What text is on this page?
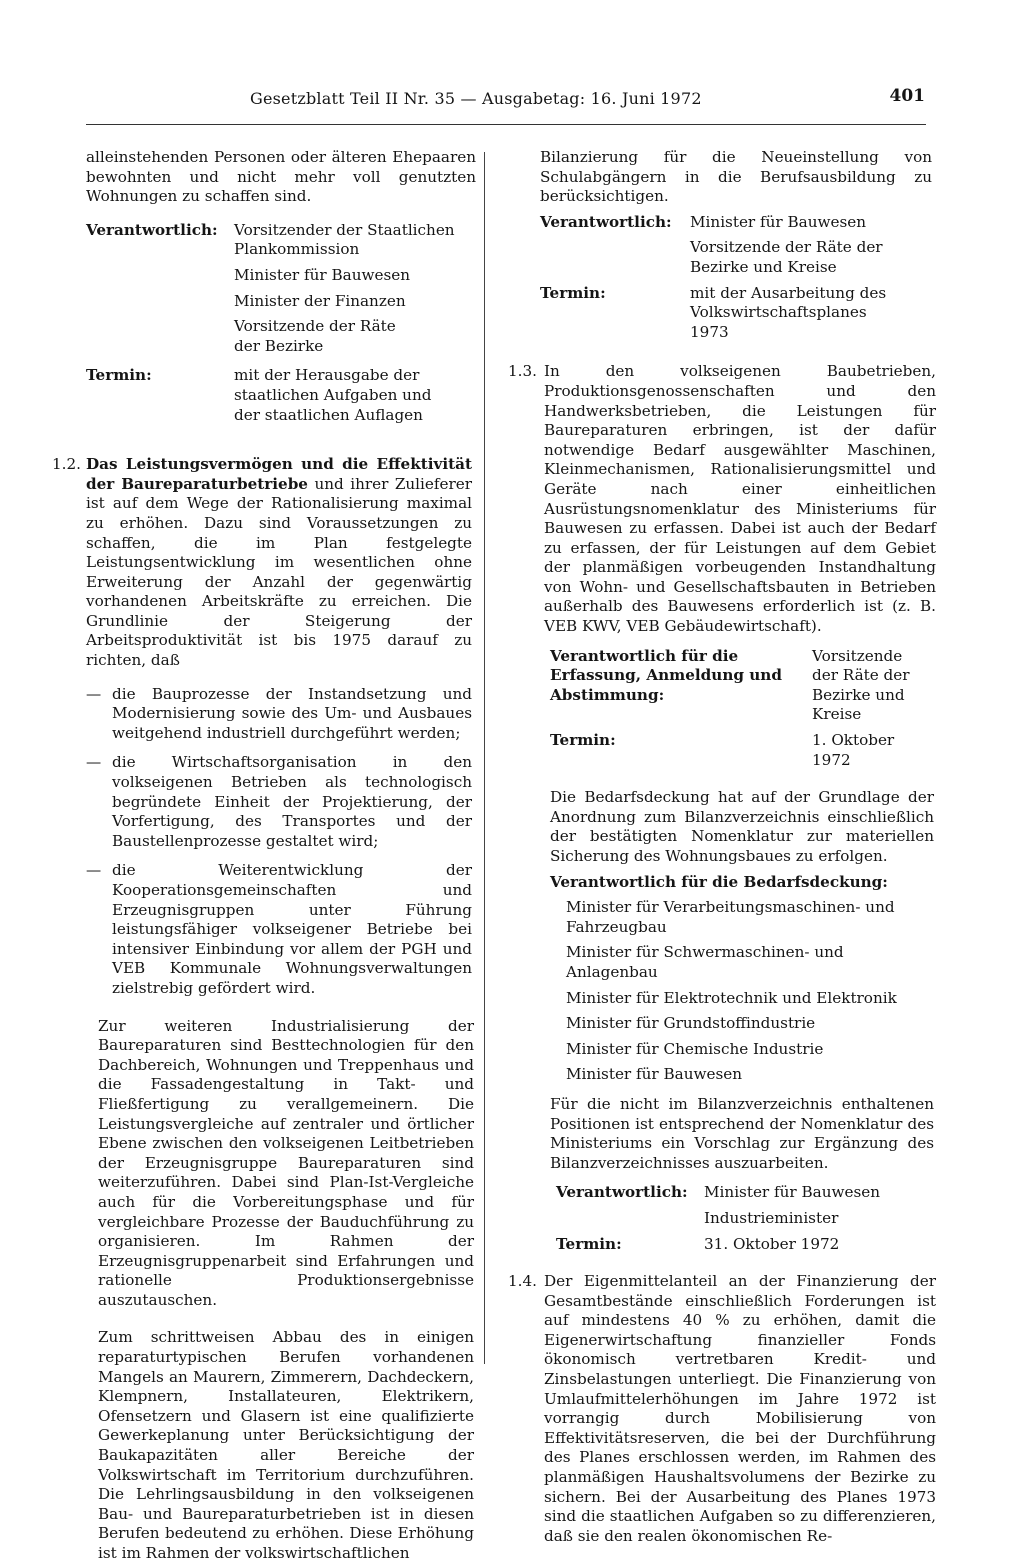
Gesetzblatt Teil II Nr. 35 — Ausgabetag: 16. Juni 1972	401

alleinstehenden Personen oder älteren Ehepaaren bewohnten und nicht mehr voll genutzten Wohnungen zu schaffen sind.

Verantwortlich:	Vorsitzender der Staatlichen Plankommission
Minister für Bauwesen
Minister der Finanzen
Vorsitzende der Räte der Bezirke
Termin:	mit der Herausgabe der staatlichen Aufgaben und der staatlichen Auflagen
1.2. Das Leistungsvermögen und die Effektivität der Baureparaturbetriebe und ihrer Zulieferer ist auf dem Wege der Rationalisierung maximal zu erhöhen. Dazu sind Voraussetzungen zu schaffen, die im Plan festgelegte Leistungsentwicklung im wesentlichen ohne Erweiterung der Anzahl der gegenwärtig vorhandenen Arbeitskräfte zu erreichen. Die Grundlinie der Steigerung der Arbeitsproduktivität ist bis 1975 darauf zu richten, daß

— die Bauprozesse der Instandsetzung und Modernisierung sowie des Um- und Ausbaues weitgehend industriell durchgeführt werden;

— die Wirtschaftsorganisation in den volkseigenen Betrieben als technologisch begründete Einheit der Projektierung, der Vorfertigung, des Transportes und der Baustellenprozesse gestaltet wird;

— die Weiterentwicklung der Kooperationsgemeinschaften und Erzeugnisgruppen unter Führung leistungsfähiger volkseigener Betriebe bei intensiver Einbindung vor allem der PGH und VEB Kommunale Wohnungsverwaltungen zielstrebig gefördert wird.

Zur weiteren Industrialisierung der Baureparaturen sind Besttechnologien für den Dachbereich, Wohnungen und Treppenhaus und die Fassadengestaltung in Takt- und Fließfertigung zu verallgemeinern. Die Leistungsvergleiche auf zentraler und örtlicher Ebene zwischen den volkseigenen Leitbetrieben der Erzeugnisgruppe Baureparaturen sind weiterzuführen. Dabei sind Plan-Ist-Vergleiche auch für die Vorbereitungsphase und für vergleichbare Prozesse der Bauduchführung zu organisieren. Im Rahmen der Erzeugnisgruppenarbeit sind Erfahrungen und rationelle Produktionsergebnisse auszutauschen.

Zum schrittweisen Abbau des in einigen reparaturtypischen Berufen vorhandenen Mangels an Maurern, Zimmerern, Dachdeckern, Klempnern, Installateuren, Elektrikern, Ofensetzern und Glasern ist eine qualifizierte Gewerkeplanung unter Berücksichtigung der Baukapazitäten aller Bereiche der Volkswirtschaft im Territorium durchzuführen. Die Lehrlingsausbildung in den volkseigenen Bau- und Baureparaturbetrieben ist in diesen Berufen bedeutend zu erhöhen. Diese Erhöhung ist im Rahmen der volkswirtschaftlichen

Bilanzierung für die Neueinstellung von Schulabgängern in die Berufsausbildung zu berücksichtigen.

Verantwortlich:	Minister für Bauwesen
Vorsitzende der Räte der Bezirke und Kreise
Termin:	mit der Ausarbeitung des Volkswirtschaftsplanes 1973
1.3. In den volkseigenen Baubetrieben, Produktionsgenossenschaften und den Handwerksbetrieben, die Leistungen für Baureparaturen erbringen, ist der dafür notwendige Bedarf ausgewählter Maschinen, Kleinmechanismen, Rationalisierungsmittel und Geräte nach einer einheitlichen Ausrüstungsnomenklatur des Ministeriums für Bauwesen zu erfassen. Dabei ist auch der Bedarf zu erfassen, der für Leistungen auf dem Gebiet der planmäßigen vorbeugenden Instandhaltung von Wohn- und Gesellschaftsbauten in Betrieben außerhalb des Bauwesens erforderlich ist (z. B. VEB KWV, VEB Gebäudewirtschaft).

Verantwortlich für die Erfassung, Anmeldung und Abstimmung:
Vorsitzende der Räte der Bezirke und Kreise
Termin:	1. Oktober 1972

Die Bedarfsdeckung hat auf der Grundlage der Anordnung zum Bilanzverzeichnis einschließlich der bestätigten Nomenklatur zur materiellen Sicherung des Wohnungsbaues zu erfolgen.

Verantwortlich für die Bedarfsdeckung:
Minister für Verarbeitungsmaschinen- und Fahrzeugbau
Minister für Schwermaschinen- und Anlagenbau
Minister für Elektrotechnik und Elektronik
Minister für Grundstoffindustrie
Minister für Chemische Industrie
Minister für Bauwesen

Für die nicht im Bilanzverzeichnis enthaltenen Positionen ist entsprechend der Nomenklatur des Ministeriums ein Vorschlag zur Ergänzung des Bilanzverzeichnisses auszuarbeiten.

Verantwortlich:	Minister für Bauwesen
Industrieminister
Termin:	31. Oktober 1972
1.4. Der Eigenmittelanteil an der Finanzierung der Gesamtbestände einschließlich Forderungen ist auf mindestens 40 % zu erhöhen, damit die Eigenerwirtschaftung finanzieller Fonds ökonomisch vertretbaren Kredit- und Zinsbelastungen unterliegt. Die Finanzierung von Umlaufmittelerhöhungen im Jahre 1972 ist vorrangig durch Mobilisierung von Effektivitätsreserven, die bei der Durchführung des Planes erschlossen werden, im Rahmen des planmäßigen Haushaltsvolumens der Bezirke zu sichern. Bei der Ausarbeitung des Planes 1973 sind die staatlichen Aufgaben so zu differenzieren, daß sie den realen ökonomischen Re-
